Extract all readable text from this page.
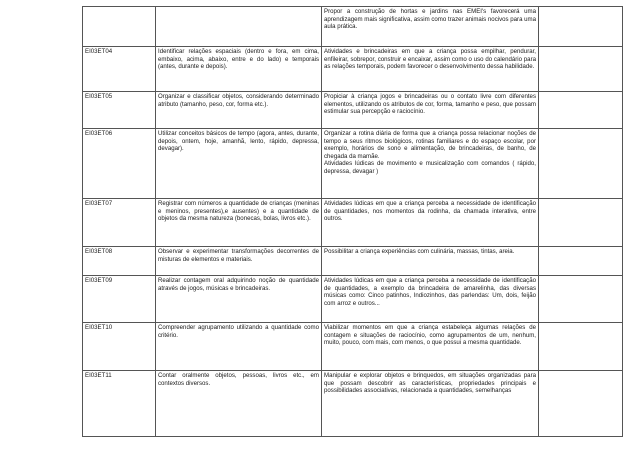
		Propor a construção de hortas e jardins nas EMEI's favorecerá uma aprendizagem mais significativa, assim como trazer animais nocivos para uma aula prática.	

EI03ET04	Identificar relações espaciais (dentro e fora, em cima, embaixo, acima, abaixo, entre e do lado) e temporais (antes, durante e depois).	Atividades e brincadeiras em que a criança possa empilhar, pendurar, enfileirar, sobrepor, construir e encaixar, assim como o uso do calendário para as relações temporais, podem favorecer o desenvolvimento dessa habilidade.	

EI03ET05	Organizar e classificar objetos, considerando determinado atributo (tamanho, peso, cor, forma etc.).	Propiciar à criança jogos e brincadeiras ou o contato livre com diferentes elementos, utilizando os atributos de cor, forma, tamanho e peso, que possam estimular sua percepção e raciocínio.	

EI03ET06	Utilizar conceitos básicos de tempo (agora, antes, durante, depois, ontem, hoje, amanhã, lento, rápido, depressa, devagar).	Organizar a rotina diária de forma que a criança possa relacionar noções de tempo a seus ritmos biológicos, rotinas familiares e do espaço escolar, por exemplo, horários de sono e alimentação, de brincadeiras, de banho, de chegada da mamãe.
Atividades lúdicas de movimento e musicalização com comandos ( rápido, depressa, devagar )	

EI03ET07	Registrar com números a quantidade de crianças (meninas e meninos, presentes),e ausentes) e a quantidade de objetos da mesma natureza (bonecas, bolas, livros etc.).	Atividades lúdicas em que a criança perceba a necessidade de identificação de quantidades, nos momentos da rodinha, da chamada interativa, entre outros.	

EI03ET08	Observar e experimentar transformações decorrentes de misturas de elementos e materiais.	Possibilitar a criança experiências com culinária, massas, tintas, areia.	

EI03ET09	Realizar contagem oral adquirindo noção de quantidade através de jogos, músicas e brincadeiras.	Atividades lúdicas em que a criança perceba a necessidade de identificação de quantidades, a exemplo da brincadeira de amarelinha, das diversas músicas como: Cinco patinhos, Indiozinhos, das parlendas: Um, dois, feijão com arroz e outros...	

EI03ET10	Compreender agrupamento utilizando a quantidade como critério.	Viabilizar momentos em que a criança estabeleça algumas relações de contagem e situações de raciocínio, como agrupamentos de um, nenhum, muito, pouco, com mais, com menos, o que possui a mesma quantidade.	

EI03ET11	Contar oralmente objetos, pessoas, livros etc., em contextos diversos.	Manipular e explorar objetos e brinquedos, em situações organizadas para que possam descobrir as características, propriedades principais e possibilidades associativas, relacionada a quantidades, semelhanças	
